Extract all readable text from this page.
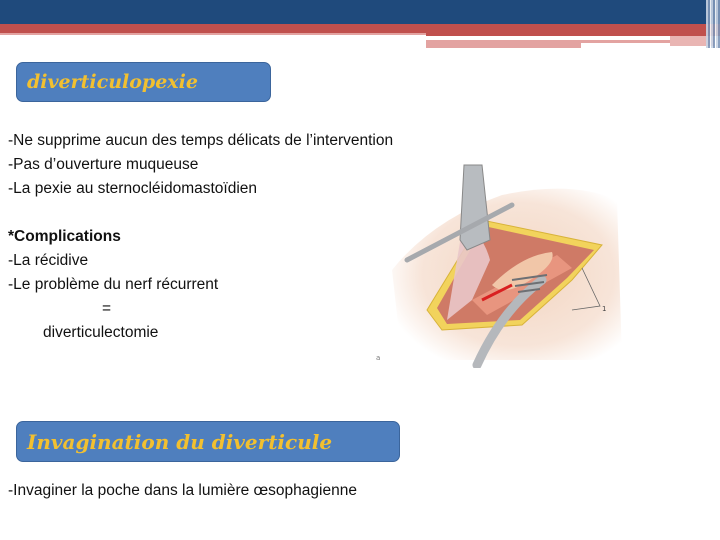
diverticulopexie
-Ne supprime aucun des temps délicats de l’intervention
-Pas d’ouverture muqueuse
-La pexie au sternocléidomastoïdien
*Complications
-La récidive
-Le problème du nerf récurrent
=
diverticulectomie
1
a
Invagination du diverticule
-Invaginer la poche dans la lumière œsophagienne
